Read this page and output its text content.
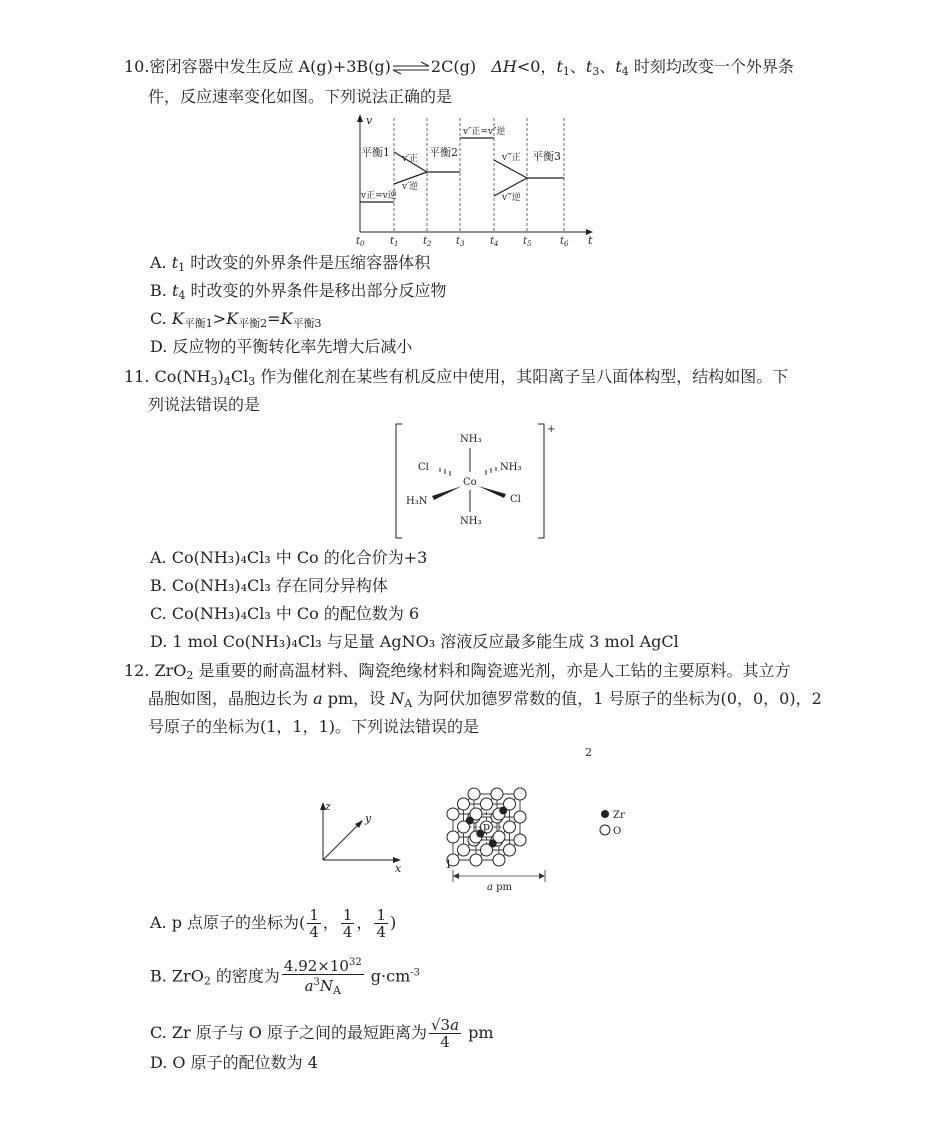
10.密闭容器中发生反应 A(g)+3B(g)⇌2C(g) ΔH<0，$t_1$、$t_3$、$t_4$ 时刻均改变一个外界条
件，反应速率变化如图。下列说法正确的是
v
t
平衡1	平衡2	平衡3
v正=v逆
v″正=v″逆
v′正
v′逆
v‴正
v‴逆
$t_0$	$t_1$ $t_2$ $t_3$	$t_4$ $t_5$	$t_6$
A. $t_1$ 时改变的外界条件是压缩容器体积
B. $t_4$ 时改变的外界条件是移出部分反应物
C. $K_{平衡1}>K_{平衡2}=K_{平衡3}$
D. 反应物的平衡转化率先增大后减小
11. $Co(NH_3)_4Cl_3$ 作为催化剂在某些有机反应中使用，其阳离子呈八面体构型，结构如图。下
列说法错误的是
+
NH₃
NH₃
NH₃
H₃N
Cl
Cl
Co
A. Co(NH₃)₄Cl₃ 中 Co 的化合价为+3
B. Co(NH₃)₄Cl₃ 存在同分异构体
C. Co(NH₃)₄Cl₃ 中 Co 的配位数为 6
D. 1 mol Co(NH₃)₄Cl₃ 与足量 AgNO₃ 溶液反应最多能生成 3 mol AgCl
12. ZrO$_2$ 是重要的耐高温材料、陶瓷绝缘材料和陶瓷遮光剂，亦是人工钻的主要原料。其立方
晶胞如图，晶胞边长为 a pm，设 $N_A$ 为阿伏加德罗常数的值，1 号原子的坐标为(0，0，0)，2
号原子的坐标为(1，1，1)。下列说法错误的是
z
y
x	1
2
p
a pm
Zr
O
A. p 点原子的坐标为( $\frac{1}{4}$ ， $\frac{1}{4}$ ， $\frac{1}{4}$ )
B. ZrO$_2$ 的密度为 $\frac{4.92\times 10^{32}}{a^3N_A} g\cdot cm^{-3}$
C. Zr 原子与 O 原子之间的最短距离为 $\frac{√3a}{4}$ pm
D. O 原子的配位数为 4
